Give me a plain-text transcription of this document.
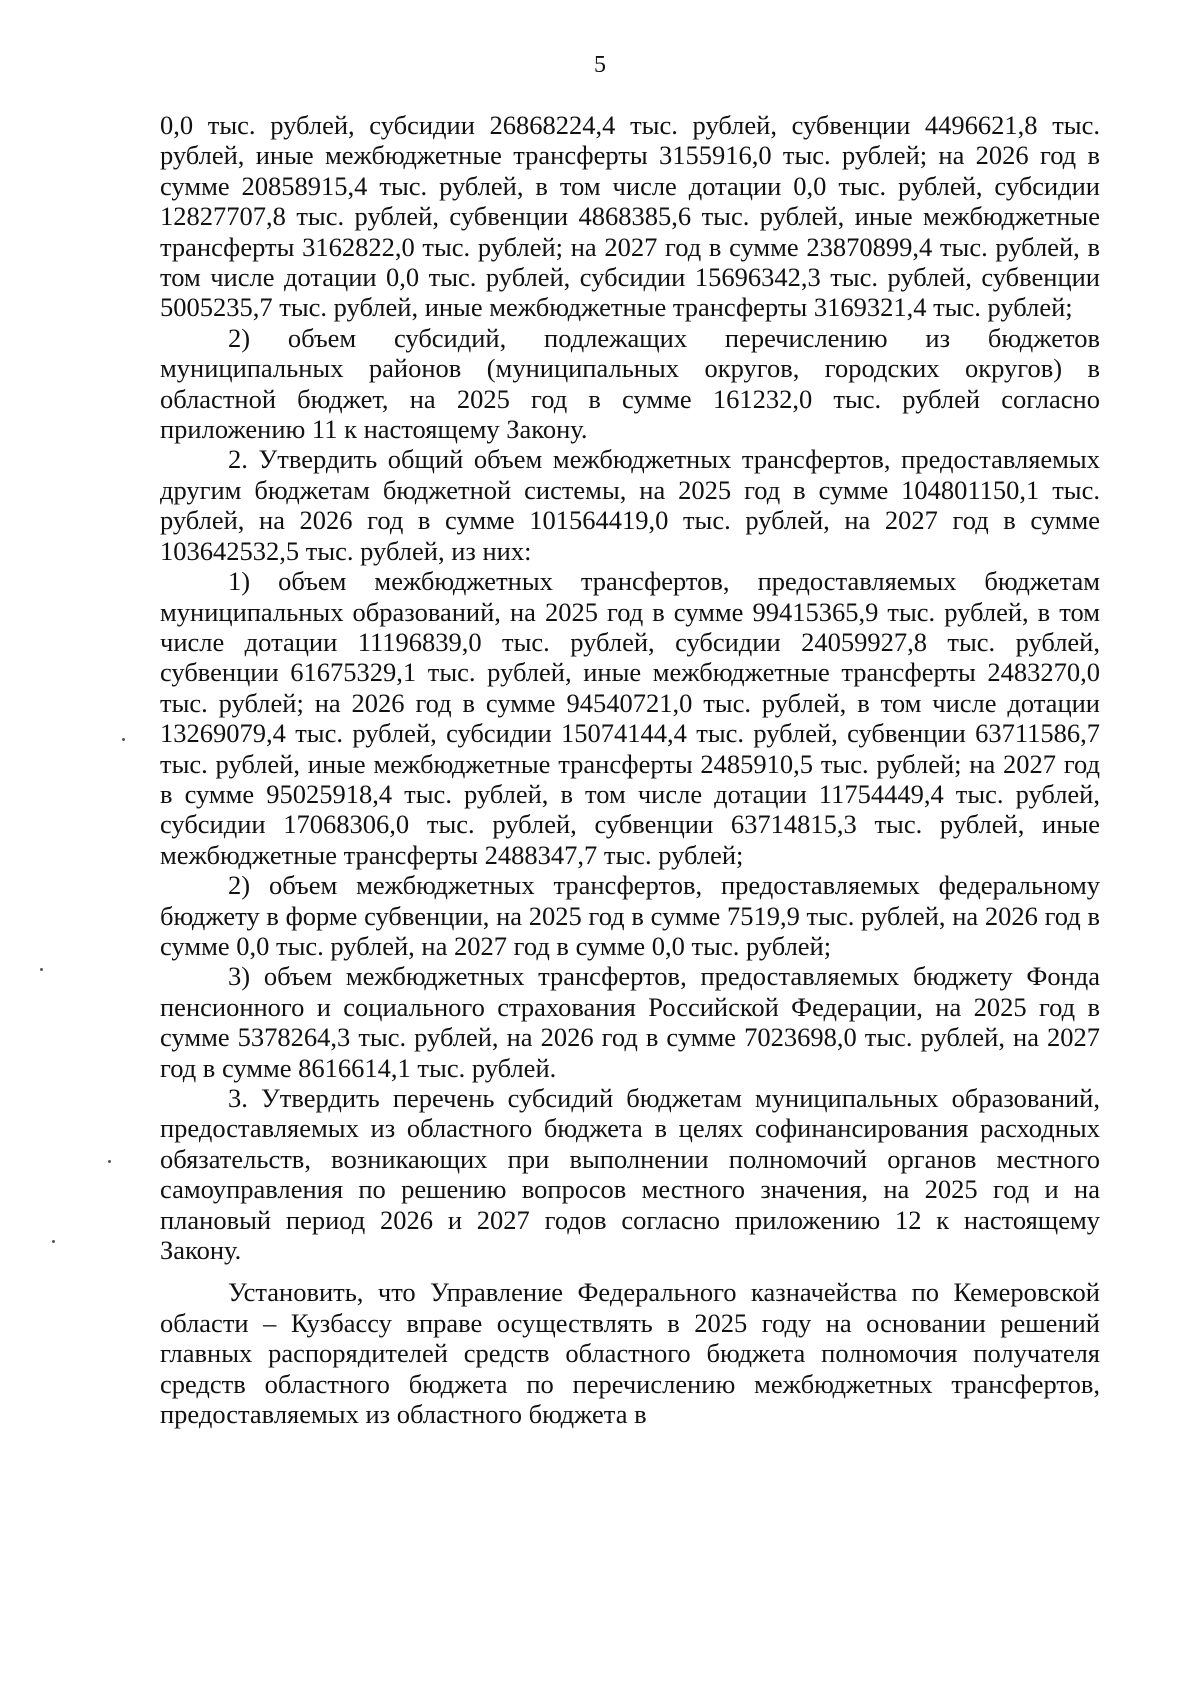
5

0,0 тыс. рублей, субсидии 26868224,4 тыс. рублей, субвенции 4496621,8 тыс. рублей, иные межбюджетные трансферты 3155916,0 тыс. рублей; на 2026 год в сумме 20858915,4 тыс. рублей, в том числе дотации 0,0 тыс. рублей, субсидии 12827707,8 тыс. рублей, субвенции 4868385,6 тыс. рублей, иные межбюджетные трансферты 3162822,0 тыс. рублей; на 2027 год в сумме 23870899,4 тыс. рублей, в том числе дотации 0,0 тыс. рублей, субсидии 15696342,3 тыс. рублей, субвенции 5005235,7 тыс. рублей, иные межбюджетные трансферты 3169321,4 тыс. рублей;

2) объем субсидий, подлежащих перечислению из бюджетов муниципальных районов (муниципальных округов, городских округов) в областной бюджет, на 2025 год в сумме 161232,0 тыс. рублей согласно приложению 11 к настоящему Закону.

2. Утвердить общий объем межбюджетных трансфертов, предоставляемых другим бюджетам бюджетной системы, на 2025 год в сумме 104801150,1 тыс. рублей, на 2026 год в сумме 101564419,0 тыс. рублей, на 2027 год в сумме 103642532,5 тыс. рублей, из них:

1) объем межбюджетных трансфертов, предоставляемых бюджетам муниципальных образований, на 2025 год в сумме 99415365,9 тыс. рублей, в том числе дотации 11196839,0 тыс. рублей, субсидии 24059927,8 тыс. рублей, субвенции 61675329,1 тыс. рублей, иные межбюджетные трансферты 2483270,0 тыс. рублей; на 2026 год в сумме 94540721,0 тыс. рублей, в том числе дотации 13269079,4 тыс. рублей, субсидии 15074144,4 тыс. рублей, субвенции 63711586,7 тыс. рублей, иные межбюджетные трансферты 2485910,5 тыс. рублей; на 2027 год в сумме 95025918,4 тыс. рублей, в том числе дотации 11754449,4 тыс. рублей, субсидии 17068306,0 тыс. рублей, субвенции 63714815,3 тыс. рублей, иные межбюджетные трансферты 2488347,7 тыс. рублей;

2) объем межбюджетных трансфертов, предоставляемых федеральному бюджету в форме субвенции, на 2025 год в сумме 7519,9 тыс. рублей, на 2026 год в сумме 0,0 тыс. рублей, на 2027 год в сумме 0,0 тыс. рублей;

3) объем межбюджетных трансфертов, предоставляемых бюджету Фонда пенсионного и социального страхования Российской Федерации, на 2025 год в сумме 5378264,3 тыс. рублей, на 2026 год в сумме 7023698,0 тыс. рублей, на 2027 год в сумме 8616614,1 тыс. рублей.

3. Утвердить перечень субсидий бюджетам муниципальных образований, предоставляемых из областного бюджета в целях софинансирования расходных обязательств, возникающих при выполнении полномочий органов местного самоуправления по решению вопросов местного значения, на 2025 год и на плановый период 2026 и 2027 годов согласно приложению 12 к настоящему Закону.

Установить, что Управление Федерального казначейства по Кемеровской области – Кузбассу вправе осуществлять в 2025 году на основании решений главных распорядителей средств областного бюджета полномочия получателя средств областного бюджета по перечислению межбюджетных трансфертов, предоставляемых из областного бюджета в
